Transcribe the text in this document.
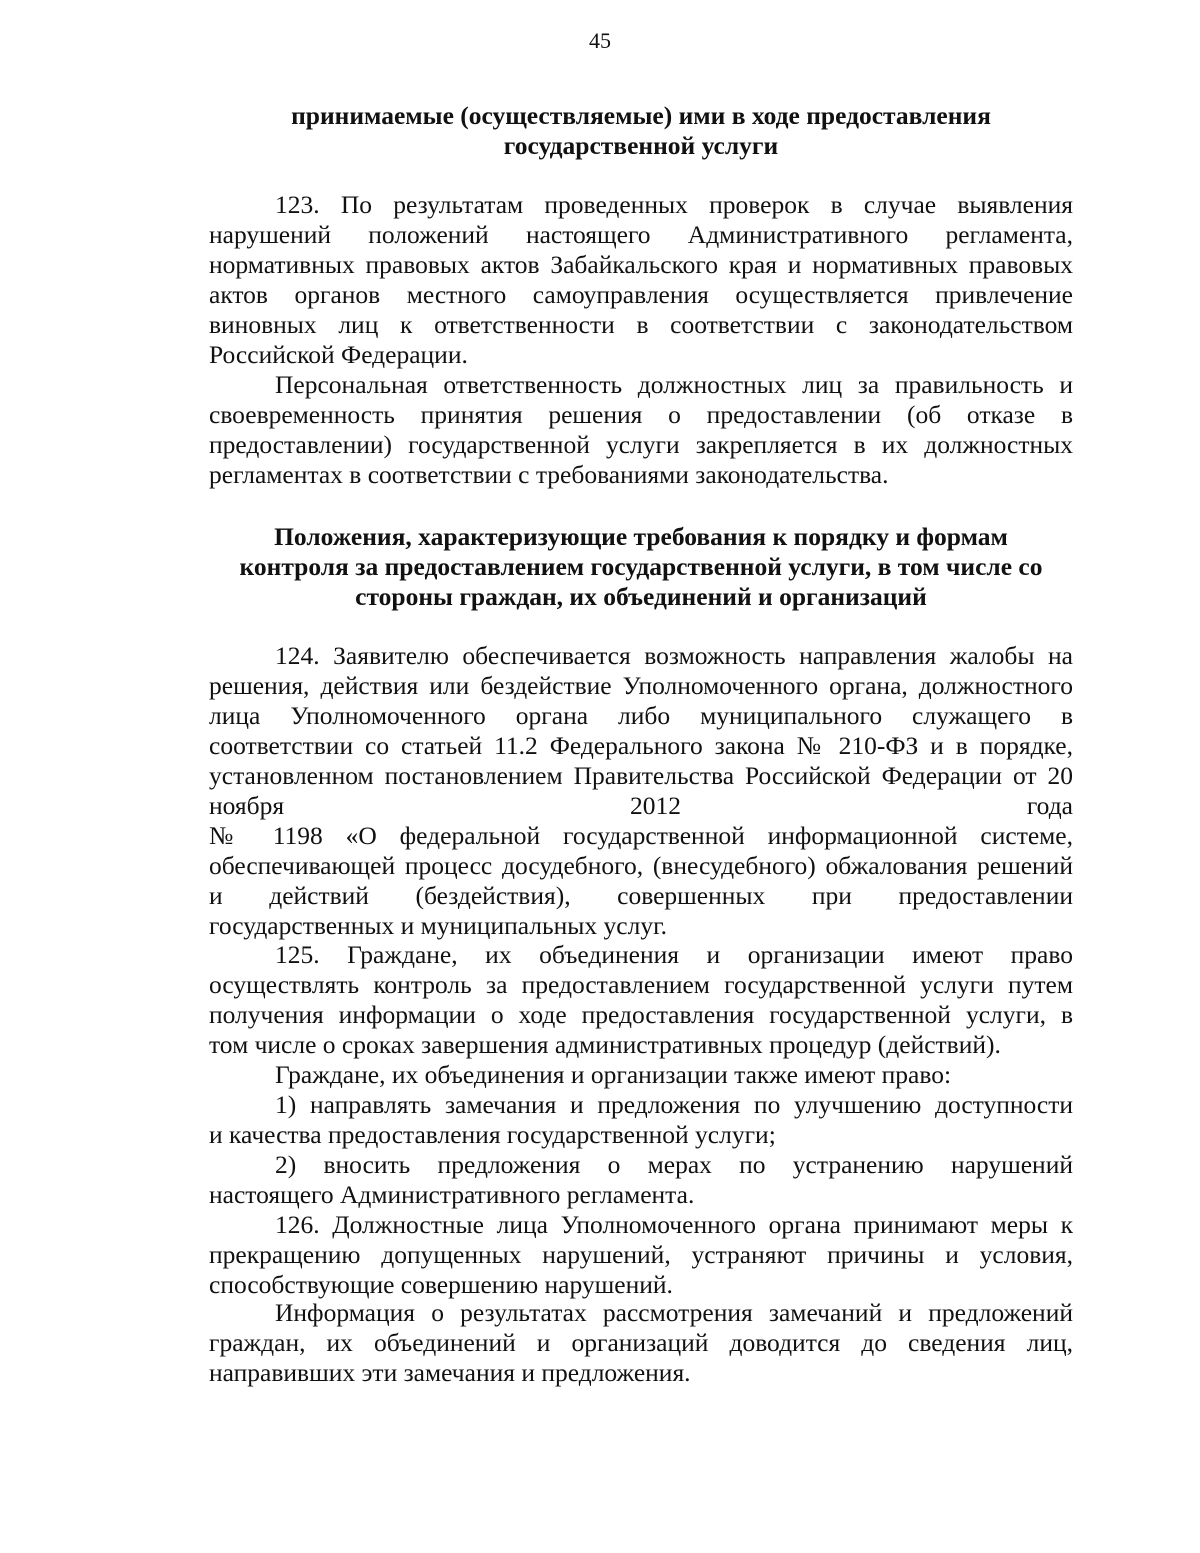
45
принимаемые (осуществляемые) ими в ходе предоставления
государственной услуги
123. По результатам проведенных проверок в случае выявления
нарушений положений настоящего Административного регламента,
нормативных правовых актов Забайкальского края и нормативных правовых
актов органов местного самоуправления осуществляется привлечение
виновных лиц к ответственности в соответствии с законодательством
Российской Федерации.
Персональная ответственность должностных лиц за правильность и
своевременность принятия решения о предоставлении (об отказе в
предоставлении) государственной услуги закрепляется в их должностных
регламентах в соответствии с требованиями законодательства.
Положения, характеризующие требования к порядку и формам
контроля за предоставлением государственной услуги, в том числе со
стороны граждан, их объединений и организаций
124. Заявителю обеспечивается возможность направления жалобы на
решения, действия или бездействие Уполномоченного органа, должностного
лица Уполномоченного органа либо муниципального служащего в
соответствии со статьей 11.2 Федерального закона № 210-ФЗ и в порядке,
установленном постановлением Правительства Российской Федерации от 20
ноября 2012 года
№ 1198 «О федеральной государственной информационной системе,
обеспечивающей процесс досудебного, (внесудебного) обжалования решений
и действий (бездействия), совершенных при предоставлении
государственных и муниципальных услуг.
125. Граждане, их объединения и организации имеют право
осуществлять контроль за предоставлением государственной услуги путем
получения информации о ходе предоставления государственной услуги, в
том числе о сроках завершения административных процедур (действий).
Граждане, их объединения и организации также имеют право:
1) направлять замечания и предложения по улучшению доступности
и качества предоставления государственной услуги;
2) вносить предложения о мерах по устранению нарушений
настоящего Административного регламента.
126. Должностные лица Уполномоченного органа принимают меры к
прекращению допущенных нарушений, устраняют причины и условия,
способствующие совершению нарушений.
Информация о результатах рассмотрения замечаний и предложений
граждан, их объединений и организаций доводится до сведения лиц,
направивших эти замечания и предложения.
